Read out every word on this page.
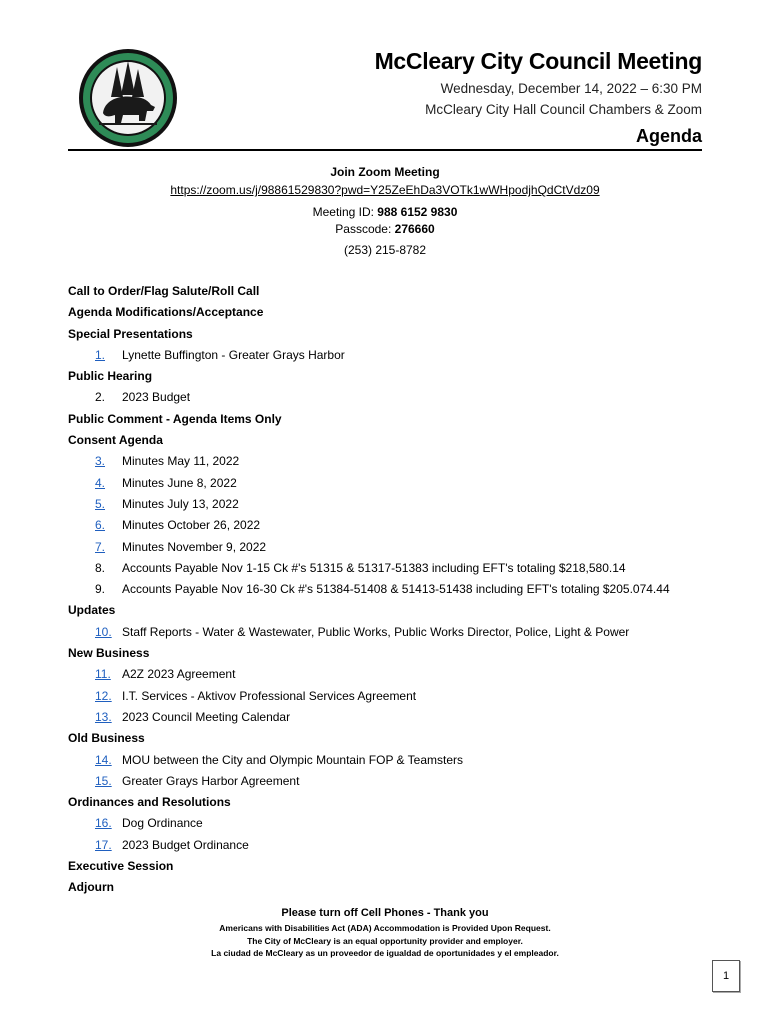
McCleary City Council Meeting
Wednesday, December 14, 2022 – 6:30 PM
McCleary City Hall Council Chambers & Zoom
Agenda
Join Zoom Meeting
https://zoom.us/j/98861529830?pwd=Y25ZeEhDa3VOTk1wWHpodjhQdCtVdz09
Meeting ID: 988 6152 9830
Passcode: 276660
(253) 215-8782
Call to Order/Flag Salute/Roll Call
Agenda Modifications/Acceptance
Special Presentations
1.	Lynette Buffington - Greater Grays Harbor
Public Hearing
2.	2023 Budget
Public Comment - Agenda Items Only
Consent Agenda
3.	Minutes May 11, 2022
4.	Minutes June 8, 2022
5.	Minutes July 13, 2022
6.	Minutes October 26, 2022
7.	Minutes November 9, 2022
8.	Accounts Payable Nov 1-15 Ck #'s 51315 & 51317-51383 including EFT's totaling $218,580.14
9.	Accounts Payable Nov 16-30 Ck #'s 51384-51408 & 51413-51438 including EFT's totaling $205.074.44
Updates
10. Staff Reports - Water & Wastewater, Public Works, Public Works Director, Police, Light & Power
New Business
11. A2Z 2023 Agreement
12. I.T. Services - Aktivov Professional Services Agreement
13. 2023 Council Meeting Calendar
Old Business
14. MOU between the City and Olympic Mountain FOP & Teamsters
15. Greater Grays Harbor Agreement
Ordinances and Resolutions
16. Dog Ordinance
17. 2023 Budget Ordinance
Executive Session
Adjourn
Please turn off Cell Phones - Thank you
Americans with Disabilities Act (ADA) Accommodation is Provided Upon Request.
The City of McCleary is an equal opportunity provider and employer.
La ciudad de McCleary as un proveedor de igualdad de oportunidades y el empleador.
1
